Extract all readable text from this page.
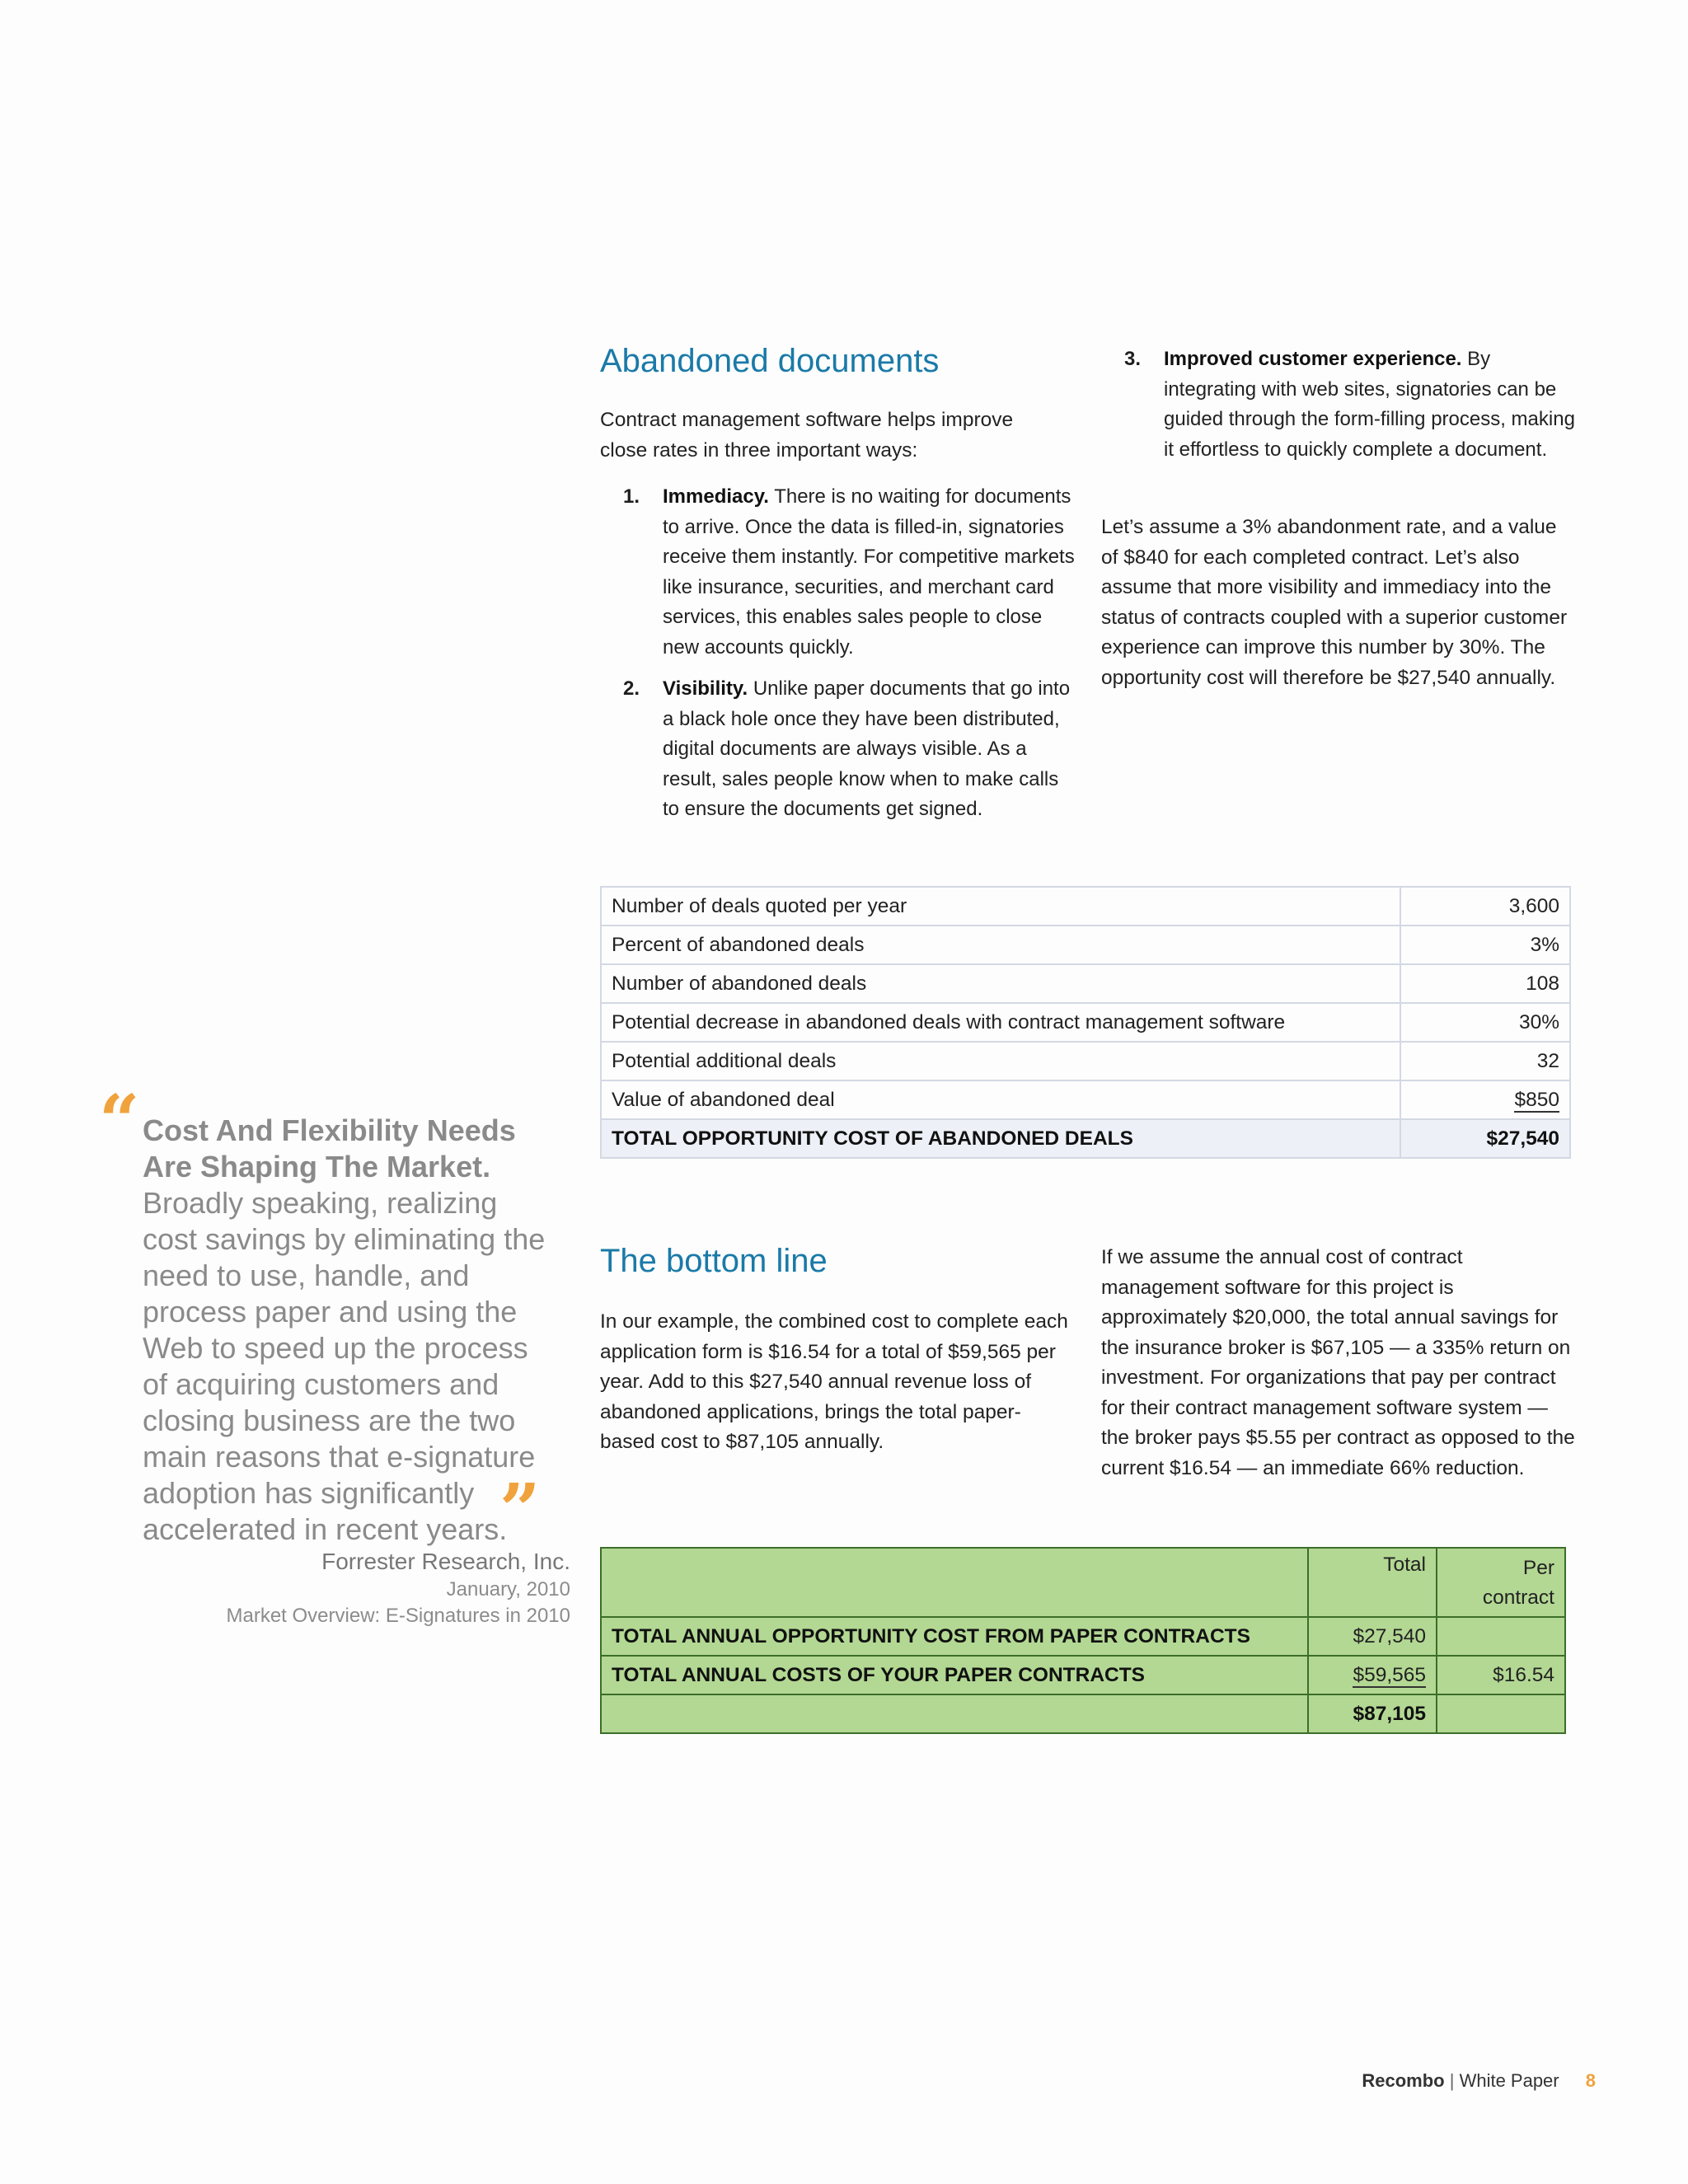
Abandoned documents

Contract management software helps improve close rates in three important ways:

1. Immediacy. There is no waiting for documents to arrive. Once the data is filled-in, signatories receive them instantly. For competitive markets like insurance, securities, and merchant card services, this enables sales people to close new accounts quickly.
2. Visibility. Unlike paper documents that go into a black hole once they have been distributed, digital documents are always visible. As a result, sales people know when to make calls to ensure the documents get signed.
3. Improved customer experience. By integrating with web sites, signatories can be guided through the form-filling process, making it effortless to quickly complete a document.

Let’s assume a 3% abandonment rate, and a value of $840 for each completed contract. Let’s also assume that more visibility and immediacy into the status of contracts coupled with a superior customer experience can improve this number by 30%. The opportunity cost will therefore be $27,540 annually.

Number of deals quoted per year	3,600
Percent of abandoned deals	3%
Number of abandoned deals	108
Potential decrease in abandoned deals with contract management software	30%
Potential additional deals	32
Value of abandoned deal	$850
TOTAL OPPORTUNITY COST OF ABANDONED DEALS	$27,540
The bottom line

In our example, the combined cost to complete each application form is $16.54 for a total of $59,565 per year. Add to this $27,540 annual revenue loss of abandoned applications, brings the total paper-based cost to $87,105 annually.

If we assume the annual cost of contract management software for this project is approximately $20,000, the total annual savings for the insurance broker is $67,105 — a 335% return on investment. For organizations that pay per contract for their contract management software system — the broker pays $5.55 per contract as opposed to the current $16.54 — an immediate 66% reduction.

	Total	Per contract
TOTAL ANNUAL OPPORTUNITY COST FROM PAPER CONTRACTS	$27,540	
TOTAL ANNUAL COSTS OF YOUR PAPER CONTRACTS	$59,565	$16.54
	$87,105	
“ Cost And Flexibility Needs Are Shaping The Market. Broadly speaking, realizing cost savings by eliminating the need to use, handle, and process paper and using the Web to speed up the process of acquiring customers and closing business are the two main reasons that e-signature adoption has significantly accelerated in recent years.
”
Forrester Research, Inc.
January, 2010
Market Overview: E-Signatures in 2010
Recombo | White Paper 8
